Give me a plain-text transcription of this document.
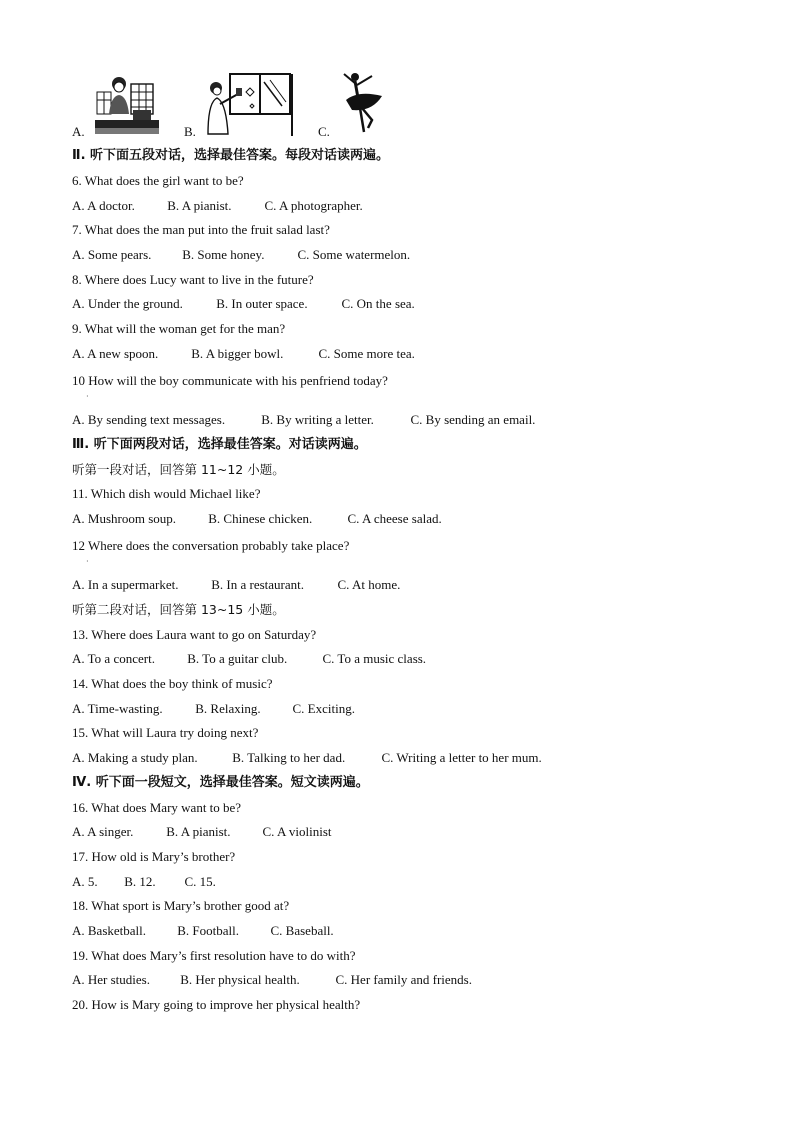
A.	B.	C.
Ⅱ. 听下面五段对话，选择最佳答案。每段对话读两遍。
6. What does the girl want to be?
A. A doctor. B. A pianist.	C. A photographer.
7. What does the man put into the fruit salad last?
A. Some pears. B. Some honey.	C. Some watermelon.
8. Where does Lucy want to live in the future?
A. Under the ground.	B. In outer space.	C. On the sea.
9. What will the woman get for the man?
A. A new spoon.	B. A bigger bowl.	C. Some more tea.
10 How will the boy communicate with his penfriend today?
·
A. By sending text messages.	B. By writing a letter.	C. By sending an email.
Ⅲ. 听下面两段对话，选择最佳答案。对话读两遍。
听第一段对话，回答第 11~12 小题。
11. Which dish would Michael like?
A. Mushroom soup. B. Chinese chicken.	C. A cheese salad.
12 Where does the conversation probably take place?
·
A. In a supermarket.	B. In a restaurant.	C. At home.
听第二段对话，回答第 13~15 小题。
13. Where does Laura want to go on Saturday?
A. To a concert. B. To a guitar club.	C. To a music class.
14. What does the boy think of music?
A. Time-wasting.	B. Relaxing. C. Exciting.
15. What will Laura try doing next?
A. Making a study plan.	B. Talking to her dad.	C. Writing a letter to her mum.
Ⅳ. 听下面一段短文，选择最佳答案。短文读两遍。
16. What does Mary want to be?
A. A singer.	B. A pianist. C. A violinist
17. How old is Mary’s brother?
A. 5. B. 12. C. 15.
18. What sport is Mary’s brother good at?
A. Basketball. B. Football. C. Baseball.
19. What does Mary’s first resolution have to do with?
A. Her studies. B. Her physical health.	C. Her family and friends.
20. How is Mary going to improve her physical health?
